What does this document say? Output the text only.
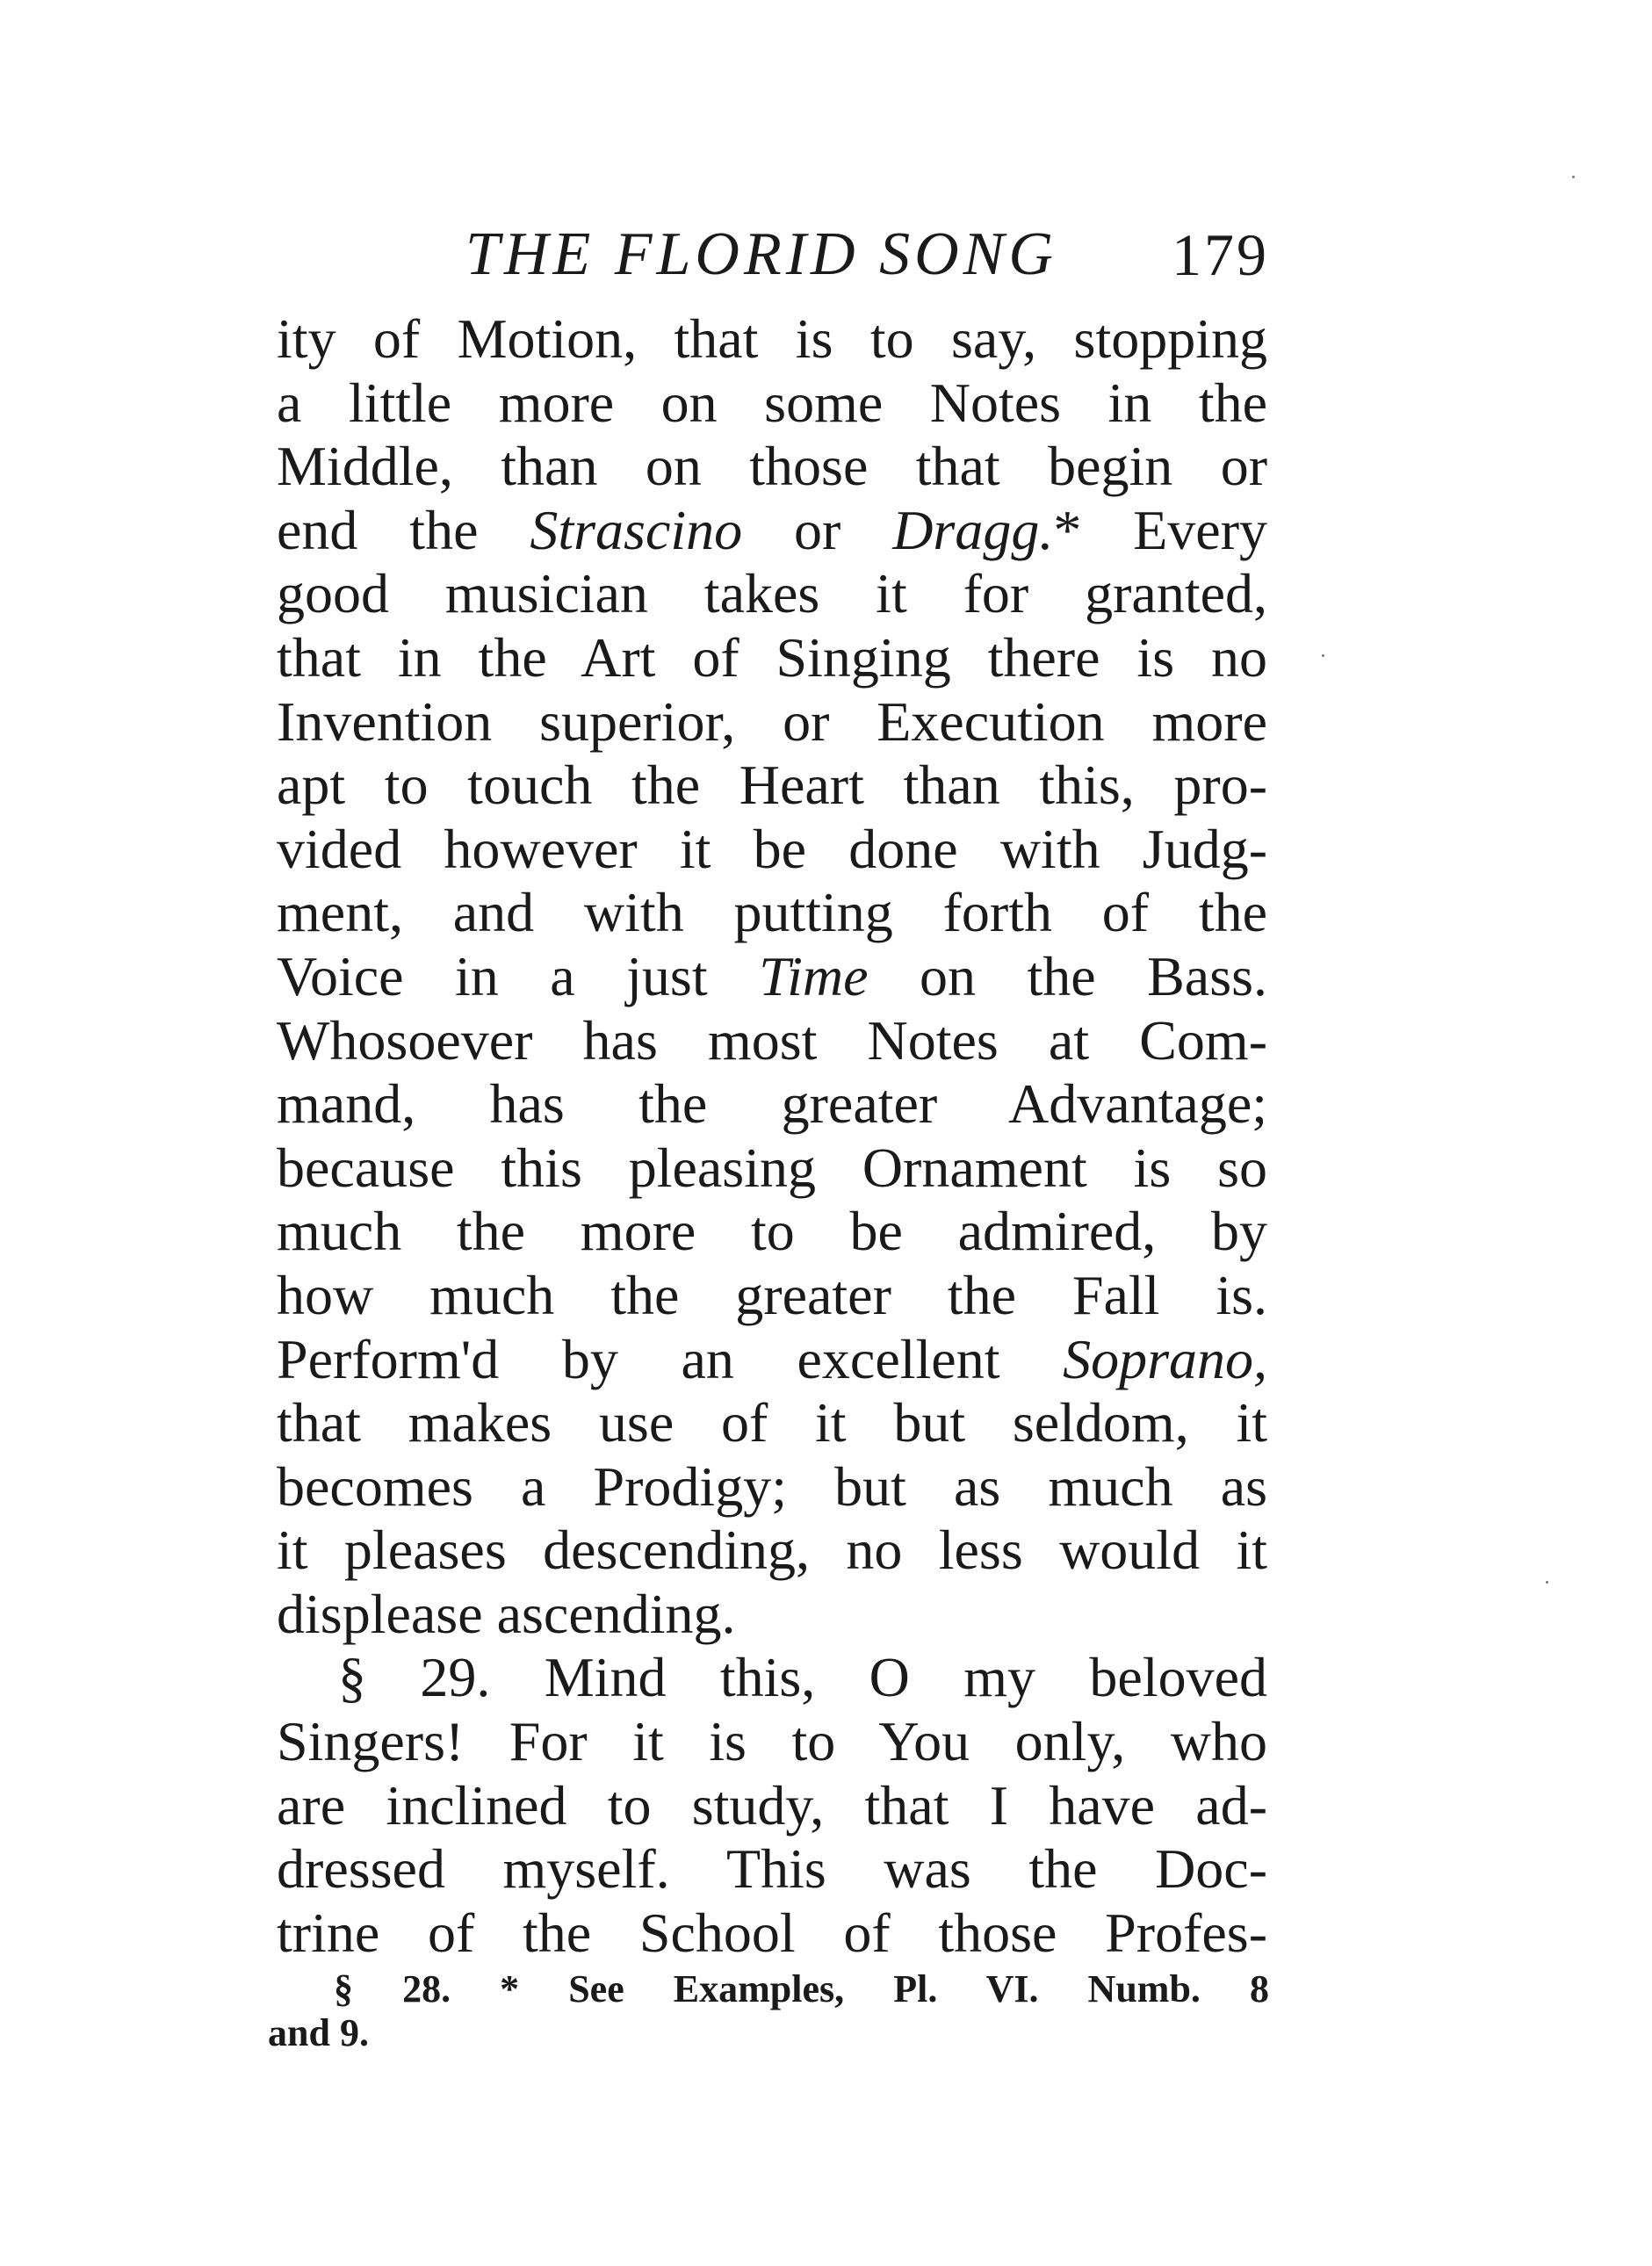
THE FLORID SONG 179
ity of Motion, that is to say, stopping
a little more on some Notes in the
Middle, than on those that begin or
end the Strascino or Dragg.* Every
good musician takes it for granted,
that in the Art of Singing there is no
Invention superior, or Execution more
apt to touch the Heart than this, pro-
vided however it be done with Judg-
ment, and with putting forth of the
Voice in a just Time on the Bass.
Whosoever has most Notes at Com-
mand, has the greater Advantage;
because this pleasing Ornament is so
much the more to be admired, by
how much the greater the Fall is.
Perform'd by an excellent Soprano,
that makes use of it but seldom, it
becomes a Prodigy; but as much as
it pleases descending, no less would it
displease ascending.
§ 29. Mind this, O my beloved
Singers! For it is to You only, who
are inclined to study, that I have ad-
dressed myself. This was the Doc-
trine of the School of those Profes-
§ 28. * See Examples, Pl. VI. Numb. 8
and 9.
